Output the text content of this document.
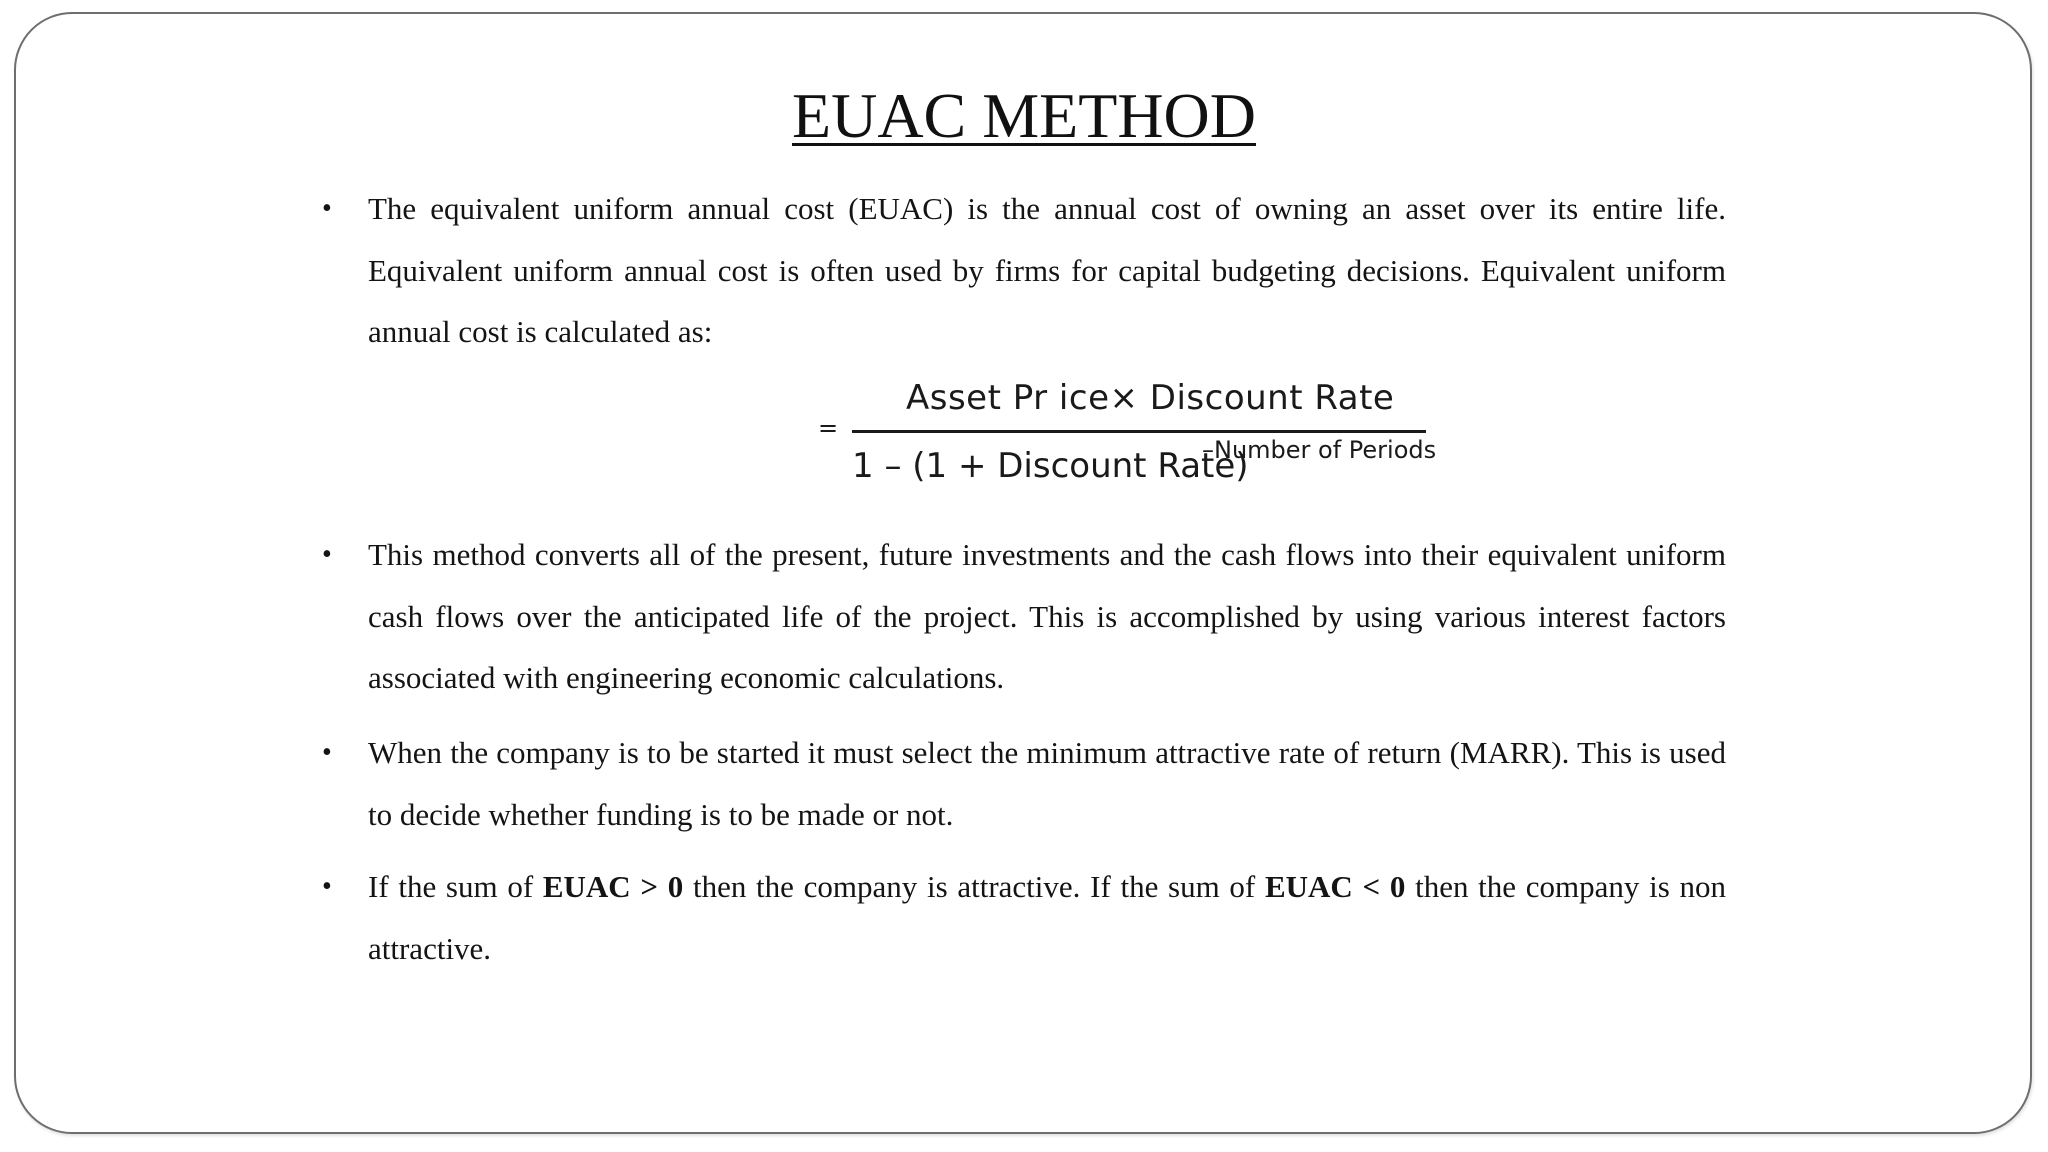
EUAC METHOD

• The equivalent uniform annual cost (EUAC) is the annual cost of owning an asset over its entire life. Equivalent uniform annual cost is often used by firms for capital budgeting decisions. Equivalent uniform annual cost is calculated as:

=
Asset Pr ice× Discount Rate
1 – (1 + Discount Rate)
–Number of Periods

• This method converts all of the present, future investments and the cash flows into their equivalent uniform cash flows over the anticipated life of the project. This is accomplished by using various interest factors associated with engineering economic calculations.

• When the company is to be started it must select the minimum attractive rate of return (MARR). This is used to decide whether funding is to be made or not.

• If the sum of EUAC > 0 then the company is attractive. If the sum of EUAC < 0 then the company is non attractive.
